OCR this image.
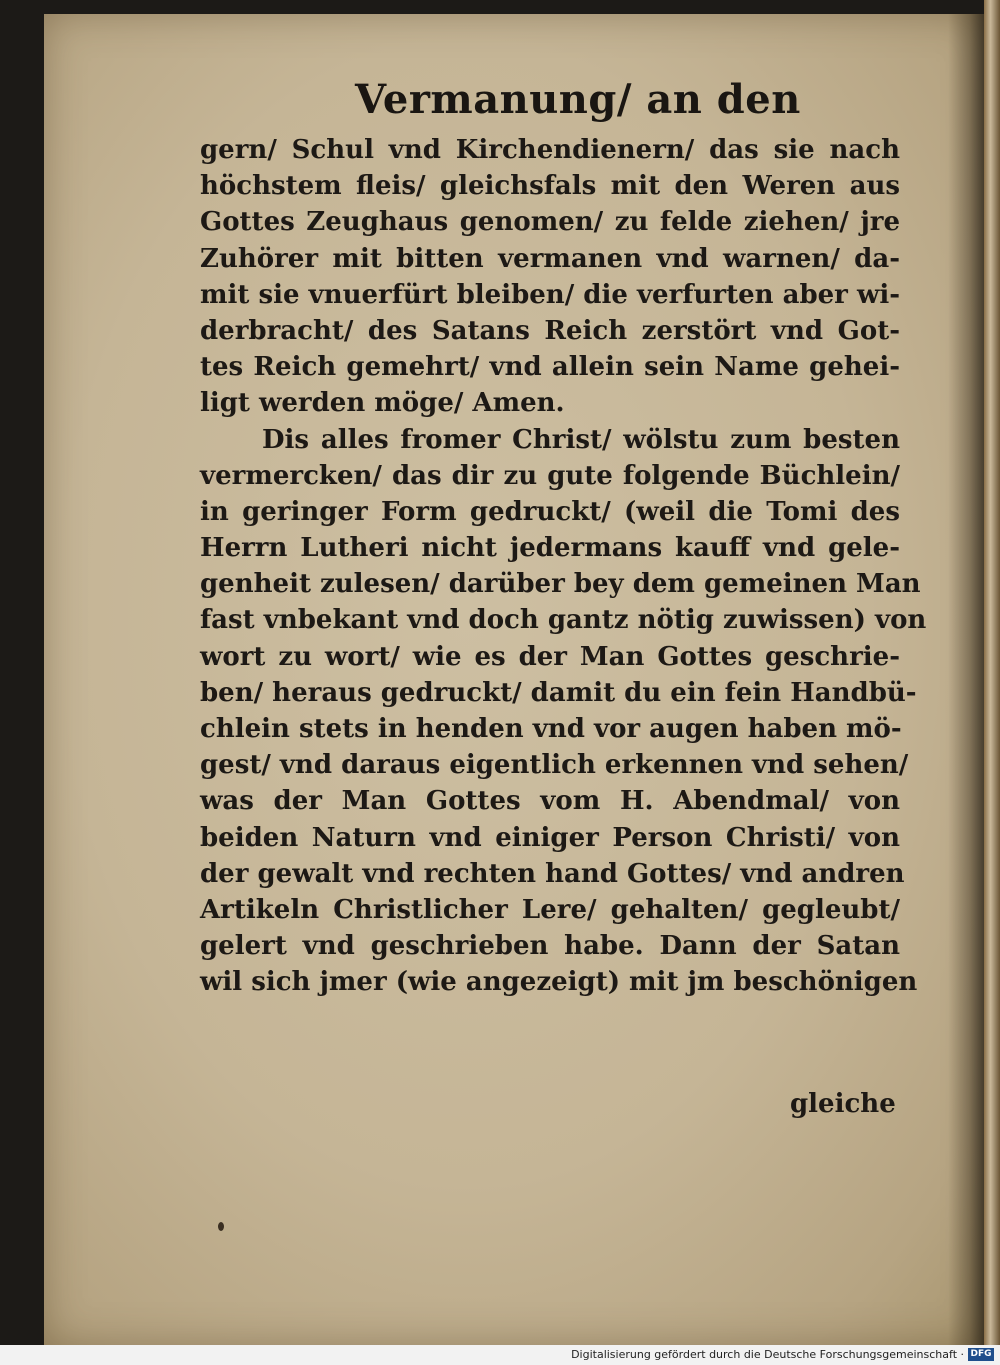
Vermanung/ an den
gern/ Schul vnd Kirchendienern/ das sie nach
höchstem fleis/ gleichsfals mit den Weren aus
Gottes Zeughaus genomen/ zu felde ziehen/ jre
Zuhörer mit bitten vermanen vnd warnen/ da-
mit sie vnuerfürt bleiben/ die verfurten aber wi-
derbracht/ des Satans Reich zerstört vnd Got-
tes Reich gemehrt/ vnd allein sein Name gehei-
ligt werden möge/ Amen.
Dis alles fromer Christ/ wölstu zum besten
vermercken/ das dir zu gute folgende Büchlein/
in geringer Form gedruckt/ (weil die Tomi des
Herrn Lutheri nicht jedermans kauff vnd gele-
genheit zulesen/ darüber bey dem gemeinen Man
fast vnbekant vnd doch gantz nötig zuwissen) von
wort zu wort/ wie es der Man Gottes geschrie-
ben/ heraus gedruckt/ damit du ein fein Handbü-
chlein stets in henden vnd vor augen haben mö-
gest/ vnd daraus eigentlich erkennen vnd sehen/
was der Man Gottes vom H. Abendmal/ von
beiden Naturn vnd einiger Person Christi/ von
der gewalt vnd rechten hand Gottes/ vnd andren
Artikeln Christlicher Lere/ gehalten/ gegleubt/
gelert vnd geschrieben habe. Dann der Satan
wil sich jmer (wie angezeigt) mit jm beschönigen
gleiche
Digitalisierung gefördert durch die Deutsche Forschungsgemeinschaft · DFG
